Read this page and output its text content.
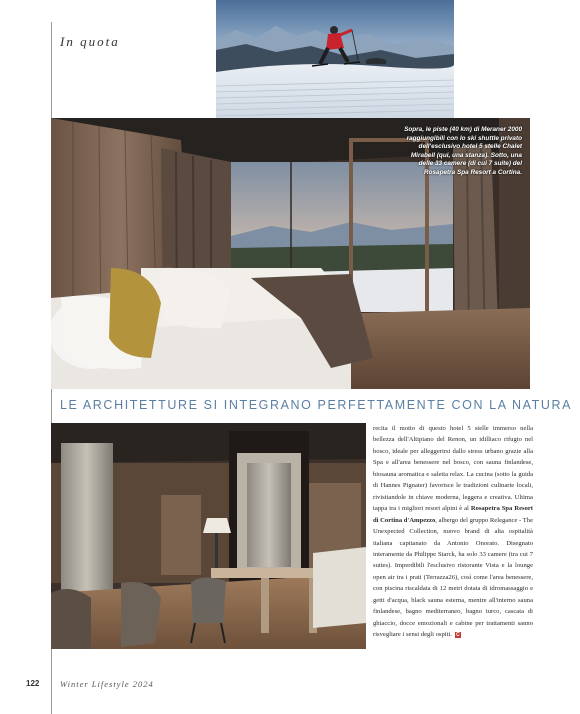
In quota
Sopra, le piste (40 km) di Meraner 2000 raggiungibili con lo ski shuttle privato dell'esclusivo hotel 5 stelle Chalet Mirabell (qui, una stanza). Sotto, una delle 33 camere (di cui 7 suite) del Rosapetra Spa Resort a Cortina.
LE ARCHITETTURE SI INTEGRANO PERFETTAMENTE CON LA NATURA
recita il motto di questo hotel 5 stelle immerso nella bellezza dell'Altipiano del Renon, un idilliaco rifugio nel bosco, ideale per alleggerirsi dallo stress urbano grazie alla Spa e all'area benessere nel bosco, con sauna finlandese, biosauna aromatica e saletta relax. La cucina (sotto la guida di Hannes Pignater) favorisce le tradizioni culinarie locali, rivisitandole in chiave moderna, leggera e creativa. Ultima tappa tra i migliori resort alpini è al Rosapetra Spa Resort di Cortina d'Ampezzo, albergo del gruppo Relegance - The Unexpected Collection, nuovo brand di alta ospitalità italiana capitanato da Antonio Onorato. Disegnato interamente da Philippe Starck, ha solo 33 camere (tra cui 7 suites). Imperdibili l'esclusivo ristorante Vista e la lounge open air tra i prati (Terrazza26), così come l'area benessere, con piscina riscaldata di 12 metri dotata di idromassaggio e getti d'acqua, black sauna esterna, mentre all'interno sauna finlandese, bagno mediterraneo, bagno turco, cascata di ghiaccio, docce emozionali e cabine per trattamenti sanno risvegliare i sensi degli ospiti. C
122 Winter Lifestyle 2024
